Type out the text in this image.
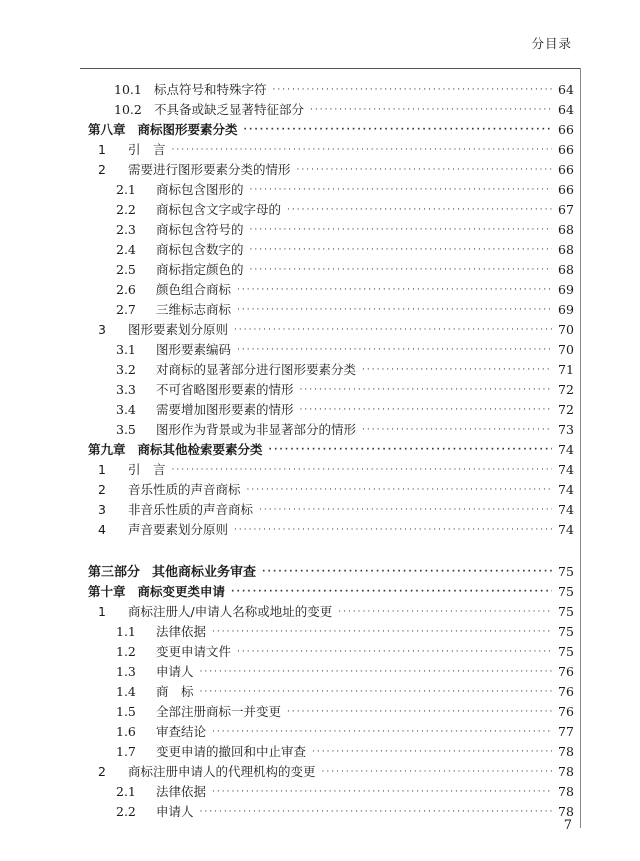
分目录
10.1 标点符号和特殊字符 ·····	64
10.2 不具备或缺乏显著特征部分 ·····	64
第八章 商标图形要素分类 ·····	66
1	引　言 ·····	66
2	需要进行图形要素分类的情形 ·····	66
2.1	商标包含图形的 ·····	66
2.2	商标包含文字或字母的 ·····	67
2.3	商标包含符号的 ·····	68
2.4	商标包含数字的 ·····	68
2.5	商标指定颜色的 ·····	68
2.6	颜色组合商标 ·····	69
2.7	三维标志商标 ·····	69
3	图形要素划分原则 ·····	70
3.1	图形要素编码 ·····	70
3.2	对商标的显著部分进行图形要素分类 ·····	71
3.3	不可省略图形要素的情形 ·····	72
3.4	需要增加图形要素的情形 ·····	72
3.5	图形作为背景或为非显著部分的情形 ·····	73
第九章 商标其他检索要素分类 ·····	74
1	引　言 ·····	74
2	音乐性质的声音商标 ·····	74
3	非音乐性质的声音商标 ·····	74
4	声音要素划分原则 ·····	74
第三部分 其他商标业务审查 ·····	75
第十章 商标变更类申请 ·····	75
1	商标注册人/申请人名称或地址的变更 ·····	75
1.1	法律依据 ·····	75
1.2	变更申请文件 ·····	75
1.3	申请人 ·····	76
1.4	商　标 ·····	76
1.5	全部注册商标一并变更 ·····	76
1.6	审查结论 ·····	77
1.7	变更申请的撤回和中止审查 ·····	78
2	商标注册申请人的代理机构的变更 ·····	78
2.1	法律依据 ·····	78
2.2	申请人 ·····	78
7
